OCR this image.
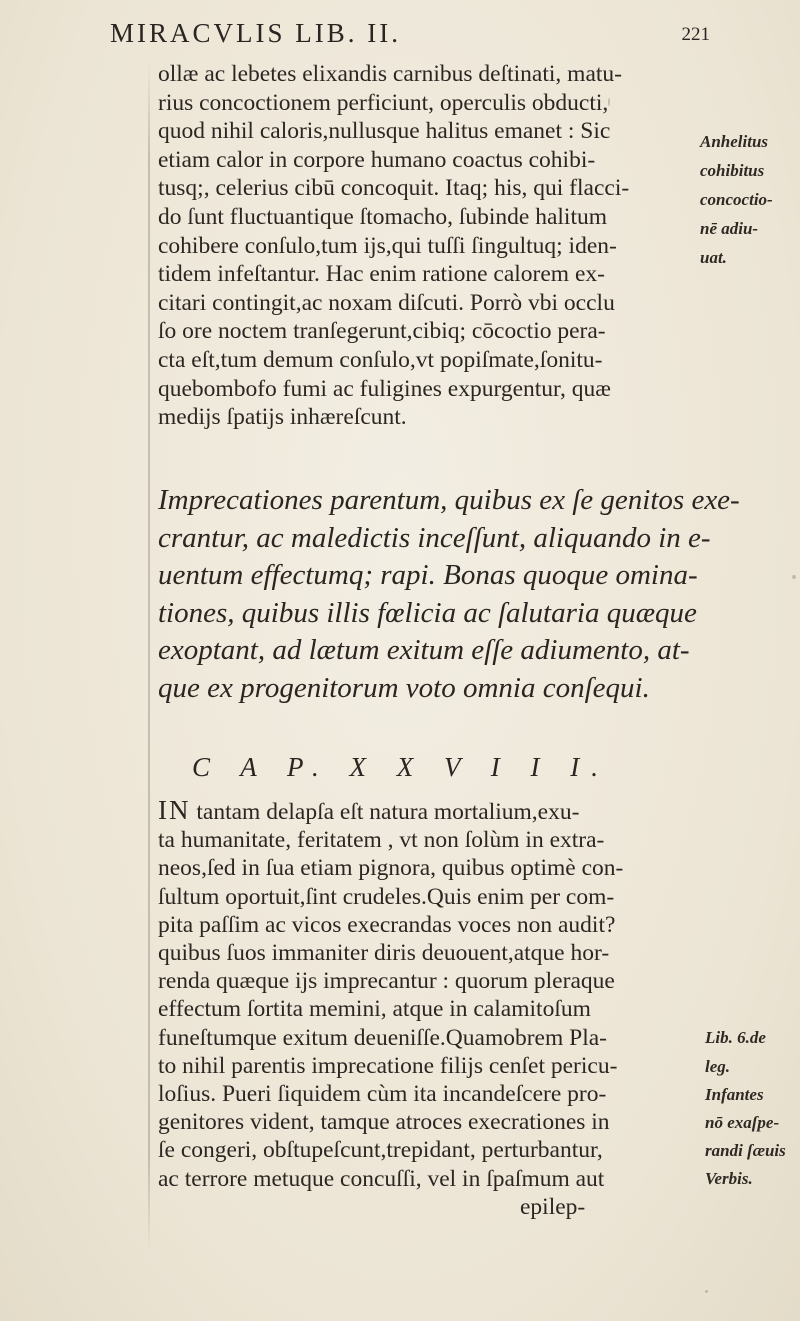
MIRACVLIS LIB. II.	221
ollæ ac lebetes elixandis carnibus deſtinati, matu-
rius concoctionem perficiunt, operculis obducti,
quod nihil caloris,nullusque halitus emanet : Sic
etiam calor in corpore humano coactus cohibi-
tusq;, celerius cibū concoquit. Itaq; his, qui flacci-
do ſunt fluctuantique ſtomacho, ſubinde halitum
cohibere conſulo,tum ijs,qui tuſſi ſingultuq; iden-
tidem infeſtantur. Hac enim ratione calorem ex-
citari contingit,ac noxam diſcuti. Porrò vbi occlu
ſo ore noctem tranſegerunt,cibiq; cōcoctio pera-
cta eſt,tum demum conſulo,vt popiſmate,ſonitu-
quebombofo fumi ac fuligines expurgentur, quæ
medijs ſpatijs inhæreſcunt.
Anhelitus
cohibitus
concoctio-
nē adiu-
uat.
Imprecationes parentum, quibus ex ſe genitos exe-
crantur, ac maledictis inceſſunt, aliquando in e-
uentum effectumq; rapi. Bonas quoque omina-
tiones, quibus illis fœlicia ac ſalutaria quæque
exoptant, ad lætum exitum eſſe adiumento, at-
que ex progenitorum voto omnia conſequi.
C A P. X X V I I I.
IN tantam delapſa eſt natura mortalium,exu-
ta humanitate, feritatem , vt non ſolùm in extra-
neos,ſed in ſua etiam pignora, quibus optimè con-
ſultum oportuit,ſint crudeles.Quis enim per com-
pita paſſim ac vicos execrandas voces non audit?
quibus ſuos immaniter diris deuouent,atque hor-
renda quæque ijs imprecantur : quorum pleraque
effectum ſortita memini, atque in calamitoſum
funeſtumque exitum deueniſſe.Quamobrem Pla-
to nihil parentis imprecatione filijs cenſet pericu-
loſius. Pueri ſiquidem cùm ita incandeſcere pro-
genitores vident, tamque atroces execrationes in
ſe congeri, obſtupeſcunt,trepidant, perturbantur,
ac terrore metuque concuſſi, vel in ſpaſmum aut
epilep-
Lib. 6.de
leg.
Infantes
nō exaſpe-
randi ſæuis
Verbis.
